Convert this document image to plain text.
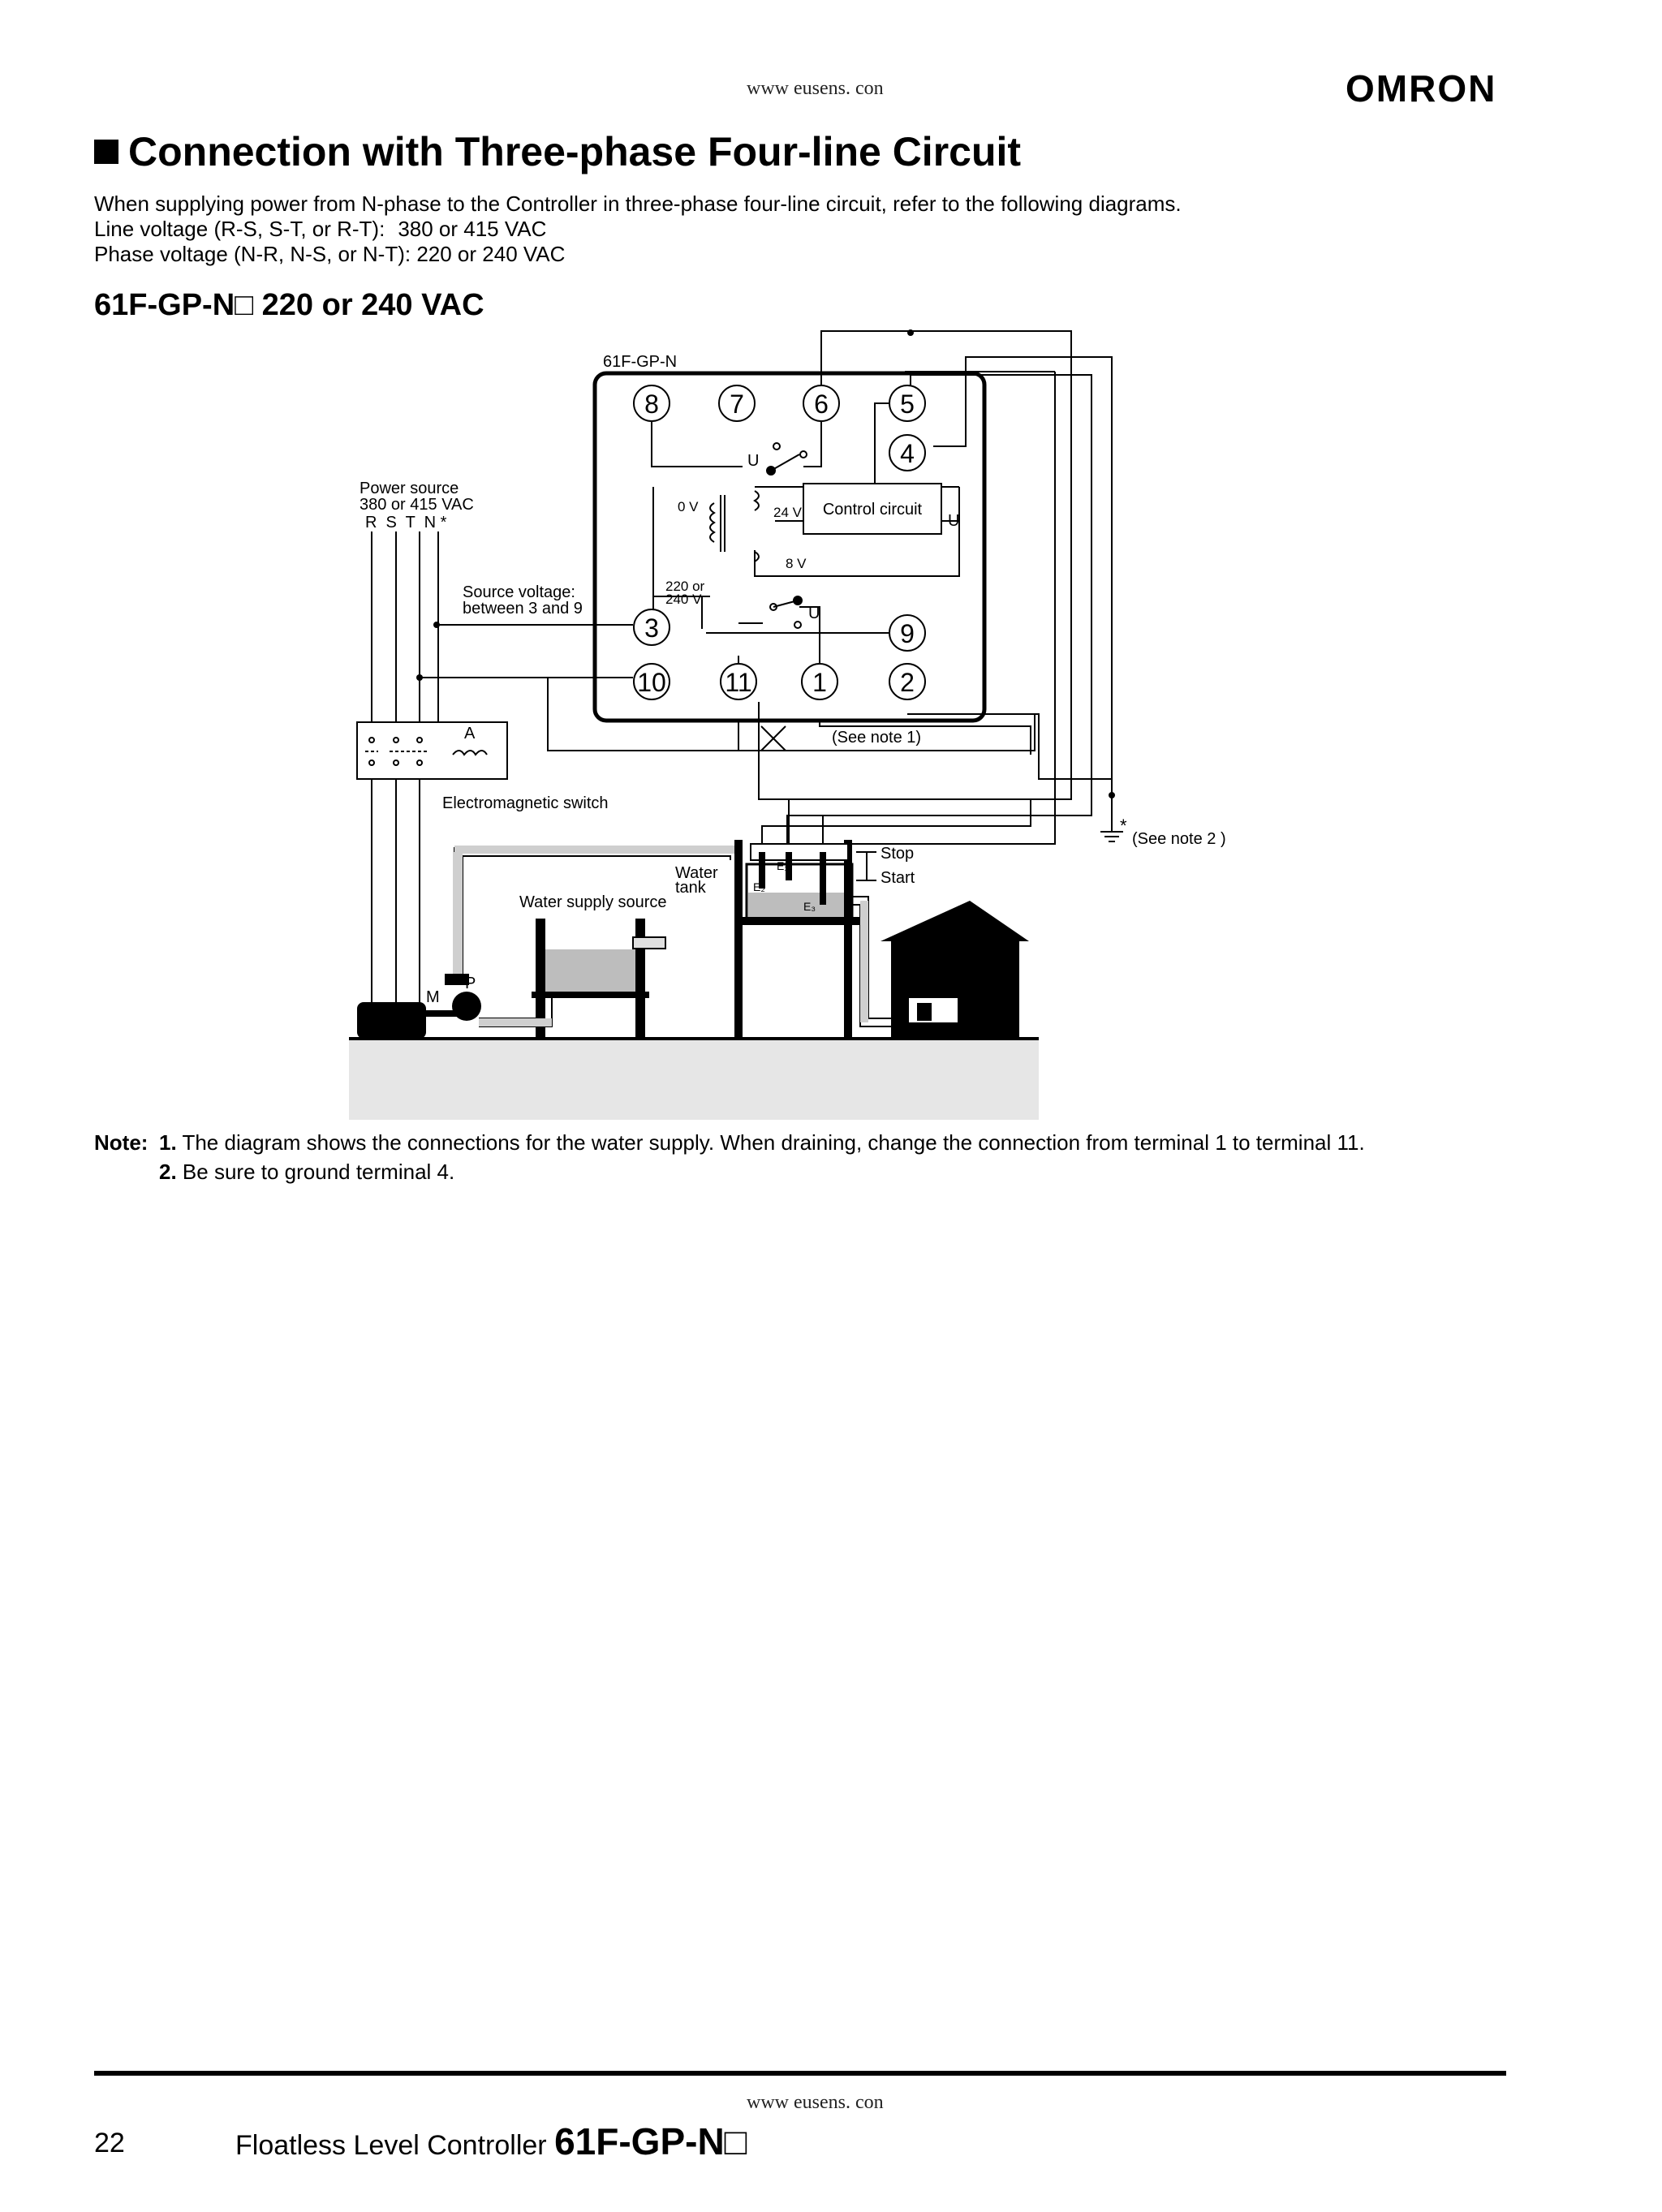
www eusens. con	OMRON
Connection with Three-phase Four-line Circuit
When supplying power from N-phase to the Controller in three-phase four-line circuit, refer to the following diagrams.
Line voltage (R-S, S-T, or R-T): 380 or 415 VAC
Phase voltage (N-R, N-S, or N-T): 220 or 240 VAC
61F-GP-N□ 220 or 240 VAC
61F-GP-N
(See note 1)
8	7	6	5
4
3	9
10 11 1	2
U
U
0 V	24 V
8 V
220 or
240 V
Control circuit
U
Power source
380 or 415 VAC
R  S  T  N *
Source voltage:
between 3 and 9
A
Electromagnetic switch
*
(See note 2 )
Water supply source
M
P
Water
tank
E₁
E₂
E₃
Stop
Start
Note: 1. The diagram shows the connections for the water supply. When draining, change the connection from terminal 1 to terminal 11.
2. Be sure to ground terminal 4.
www eusens. con
22	Floatless Level Controller 61F-GP-N□
